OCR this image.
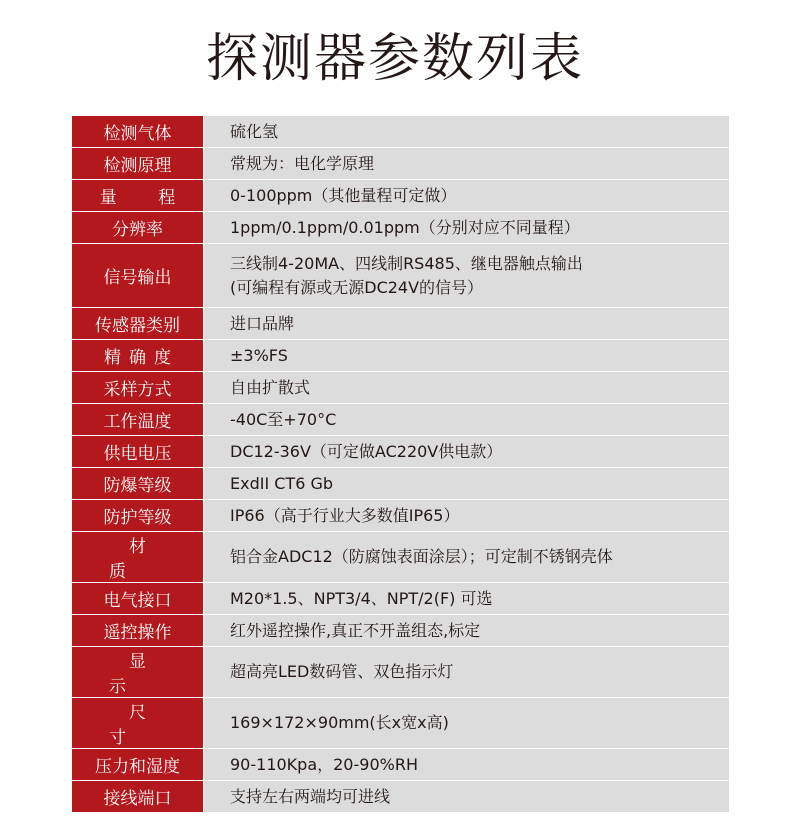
探测器参数列表
检测气体	硫化氢
检测原理	常规为：电化学原理
量 程	0-100ppm（其他量程可定做）
分辨率	1ppm/0.1ppm/0.01ppm（分别对应不同量程）
信号输出	三线制4-20MA、四线制RS485、继电器触点输出
(可编程有源或无源DC24V的信号）

传感器类别	进口品牌
精确度	±3%FS
采样方式	自由扩散式
工作温度	-40C至+70°C
供电电压	DC12-36V（可定做AC220V供电款）
防爆等级	ExdII CT6 Gb
防护等级	IP66（高于行业大多数值IP65）
材 质	铝合金ADC12（防腐蚀表面涂层）；可定制不锈钢壳体
电气接口	M20*1.5、NPT3/4、NPT/2(F) 可选
遥控操作	红外遥控操作,真正不开盖组态,标定
显 示	超高亮LED数码管、双色指示灯
尺 寸	169×172×90mm(长x宽x高)
压力和湿度	90-110Kpa，20-90%RH
接线端口	支持左右两端均可进线
